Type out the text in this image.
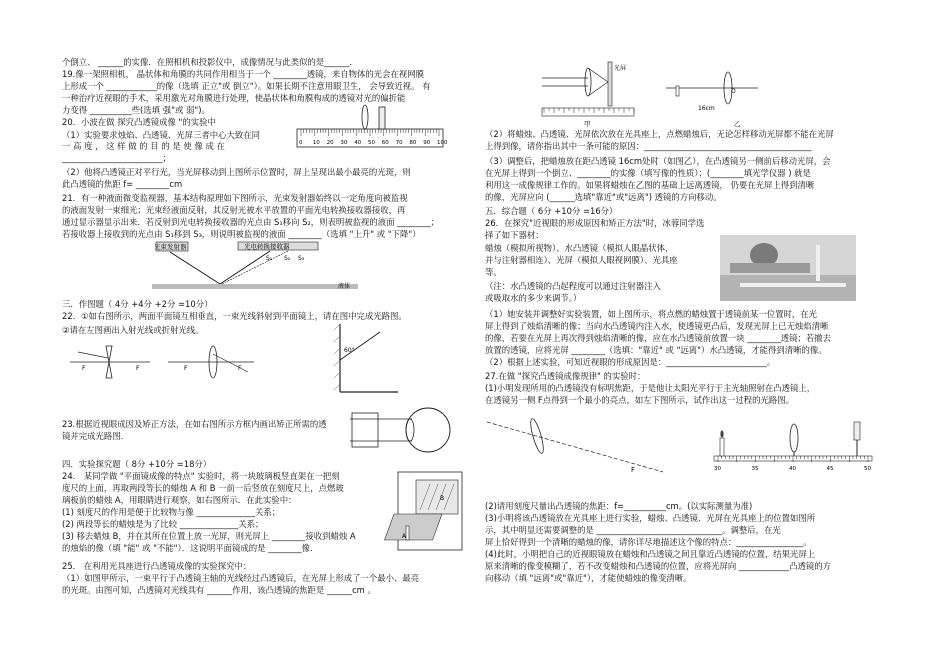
个倒立、 ______的实像．在照相机和投影仪中，成像情况与此类似的是______．
19.像一架照相机， 晶状体和角膜的共同作用相当于一个 ________透镜，来自物体的光会在视网膜
上形成一个 ____________的像（选填 正立"或 倒立"）。如果长期不注意用眼卫生， 会导致近视。 有
一种治疗近视眼的手术，采用激光对角膜进行处理，使晶状体和角膜构成的透镜对光的偏折能
力变得 __________些(选填 强"或 弱")。
20．小波在做 探究凸透镜成像 "的实验中
（1）实验要求烛焰、凸透镜、光屏三者中心大致在同
一 高 度 ， 这 样 做 的 目 的 是 使 像 成 在
________________________；
（2）他将凸透镜正对平行光，当光屏移动到上图所示位置时，屏上呈现出最小最亮的光斑，则
此凸透镜的焦距 f= ________cm
21．有一种液面微变监视器，基本结构原理如下图所示，光束发射器始终以一定角度向被监视
的液面发射一束细光；光束经液面反射，其反射光被水平放置的平面光电转换接收器接收，再
通过显示器显示出来．若反射到光电转换接收器的光点由 S₁移向 S₂，则表明被监视的液面 ________；
若接收器上接收到的光点由 S₁移到 S₃，则说明被监视的液面 ________（选填 "上升" 或 "下降"）
三．作图题（ 4分 +4分 +2分 =10分）
22．①如右图所示，两面平面镜互相垂直，一束光线斜射到平面镜上，请在图中完成光路图。
②请在左图画出入射光线或折射光线。
23.根据近视眼成因及矫正方法，在如右图所示方框内画出矫正所需的透
镜并完成光路图．
四．实验探究题（ 8分 +10分 =18分）
24． 某同学做 "平面镜成像的特点" 实验时，将一块玻璃板竖直架在一把刻
度尺的上面，再取两段等长的蜡烛 A 和 B 一前一后竖放在刻度尺上，点燃玻
璃板前的蜡烛 A，用眼睛进行观察，如右图所示．在此实验中：
(1) 刻度尺的作用是便于比较物与像 ______________关系；
(2) 两段等长的蜡烛是为了比较 ______________关系；
(3) 移去蜡烛 B，并在其所在位置上放一光屏，则光屏上 ________接收到蜡烛 A
的烛焰的像（填 "能" 或 "不能"）．这说明平面镜成的是 ________像．
25． 在利用光具座进行凸透镜成像的实验探究中：
（1）如图甲所示，一束平行于凸透镜主轴的光线经过凸透镜后，在光屏上形成了一个最小、最亮
的光斑。由图可知，凸透镜对光线具有 ______作用，该凸透镜的焦距是 ______cm 。
（2）将蜡烛、凸透镜、光屏依次放在光具座上，点燃蜡烛后，无论怎样移动光屏都不能在光屏
上得到像，请你指出其中一条可能的原因：________________________________________
（3）调整后，把蜡烛放在距凸透镜 16cm处时（如图乙），在凸透镜另一侧前后移动光屏，会
在光屏上得到一个倒立、________的实像（填写像的性质）；(________填光学仪器 ) 就是
利用这一成像规律工作的。如果将蜡烛在乙图的基础上远离透镜， 仍要在光屏上得到清晰
的像，光屏应向 (______选填"靠近"或"远离") 透镜的方向移动。
五．综合题（ 6分 +10分 =16分）
26．在探究"近视眼的形成原因和矫正方法"时，冰蓉同学选
择了如下器材：
蜡烛（模拟所视物）、水凸透镜（模拟人眼晶状体，
并与注射器相连）、光屏（模拟人眼视网膜）、光具座
等。
（注：水凸透镜的凸起程度可以通过注射器注入
或吸取水的多少来调节。）
（1）她安装并调整好实验装置，如上图所示，将点燃的蜡烛置于透镜前某一位置时，在光
屏上得到了烛焰清晰的像；当向水凸透镜内注入水，使透镜更凸后，发现光屏上已无烛焰清晰
的像，若要在光屏上再次得到烛焰清晰的像，应在水凸透镜前放置一块 ________透镜；若撤去
放置的透镜，应将光屏 ________（选填："靠近" 或 "远离"）水凸透镜，才能得到清晰的像。
（2）根据上述实验，可知近视眼的形成原因是：________________________。
27.在做 "探究凸透镜成像规律" 的实验时：
(1)小明发现所用的凸透镜没有标明焦距，于是他让太阳光平行于主光轴照射在凸透镜上，
在透镜另一侧 F点得到一个最小的亮点，如左下图所示，试作出这一过程的光路图。
(2)请用刻度尺量出凸透镜的焦距：f=__________cm。(以实际测量为准)
(3)小明将该凸透镜放在光具座上进行实验，蜡烛、凸透镜、光屏在光具座上的位置如图所
示，其中明显还需要调整的是 ______________________________。调整后，在光
屏上恰好得到一个清晰的蜡烛的像，请你详尽地描述这个像的特点：________________。
(4)此时，小明把自己的近视眼镜放在蜡烛和凸透镜之间且靠近凸透镜的位置，结果光屏上
原来清晰的像变模糊了，若不改变蜡烛和凸透镜的位置，应将光屏向 ____________凸透镜的方
向移动（填 "远离"或"靠近"），才能使蜡烛的像变清晰。
0 10 20 30 40 50 60 70 80 90 100
光束发射器	光电转换接收器
S₁ S₂ S₃
液体
F	F	F	F
60°
A
B
光屏
甲
O
16cm
乙
F	30	35	40	45	50
